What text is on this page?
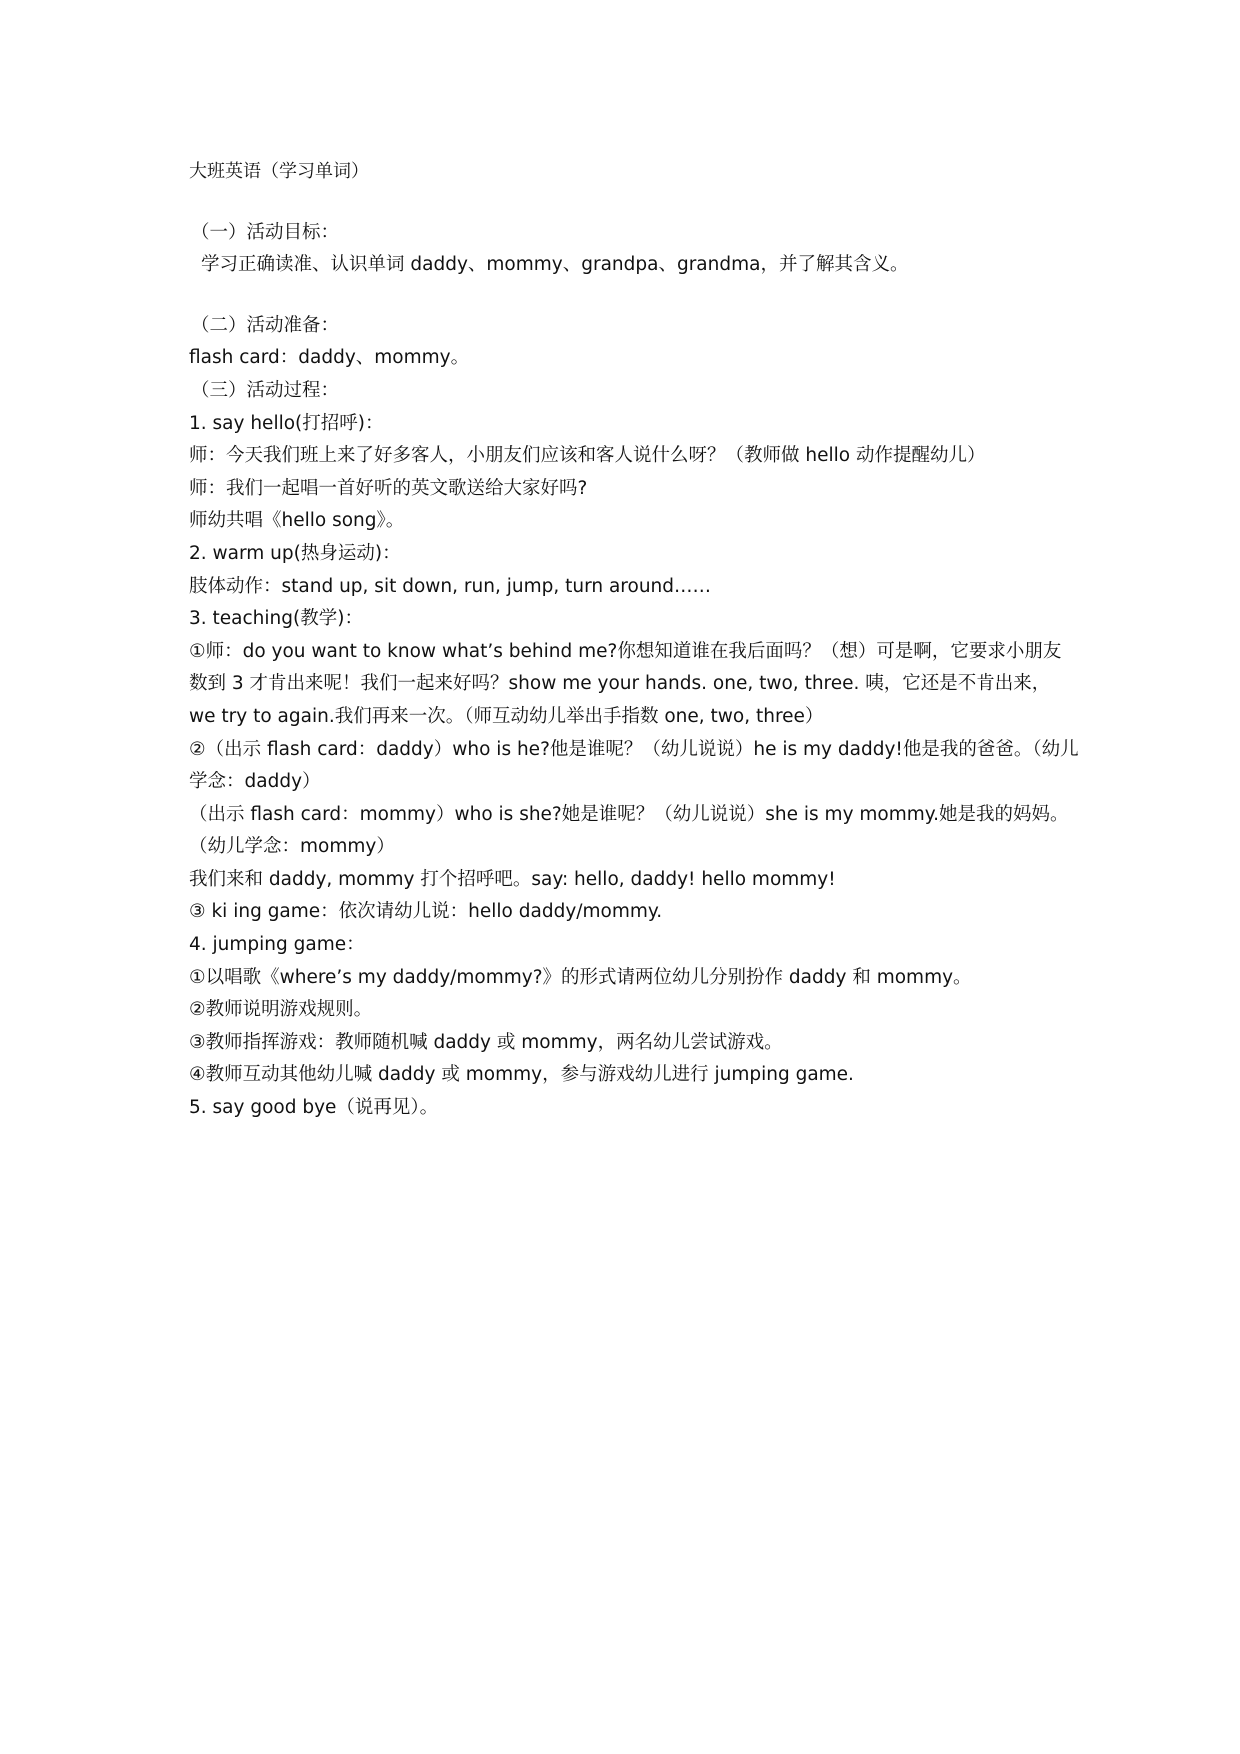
大班英语（学习单词）

（一）活动目标：

学习正确读准、认识单词 daddy、mommy、grandpa、grandma，并了解其含义。

（二）活动准备：

flash card：daddy、mommy。

（三）活动过程：

1. say hello(打招呼)：

师：今天我们班上来了好多客人，小朋友们应该和客人说什么呀？（教师做 hello 动作提醒幼儿）

师：我们一起唱一首好听的英文歌送给大家好吗?

师幼共唱《hello song》。

2. warm up(热身运动)：

肢体动作：stand up, sit down, run, jump, turn around……

3. teaching(教学)：

①师：do you want to know what’s behind me?你想知道谁在我后面吗？（想）可是啊，它要求小朋友

数到 3 才肯出来呢！我们一起来好吗？show me your hands. one, two, three. 咦，它还是不肯出来，

we try to again.我们再来一次。（师互动幼儿举出手指数 one, two, three）

②（出示 flash card：daddy）who is he?他是谁呢？（幼儿说说）he is my daddy!他是我的爸爸。（幼儿

学念：daddy）

（出示 flash card：mommy）who is she?她是谁呢？（幼儿说说）she is my mommy.她是我的妈妈。

（幼儿学念：mommy）

我们来和 daddy, mommy 打个招呼吧。say: hello, daddy! hello mommy!

③ ki ing game：依次请幼儿说：hello daddy/mommy.

4. jumping game：

①以唱歌《where’s my daddy/mommy?》的形式请两位幼儿分别扮作 daddy 和 mommy。

②教师说明游戏规则。

③教师指挥游戏：教师随机喊 daddy 或 mommy，两名幼儿尝试游戏。

④教师互动其他幼儿喊 daddy 或 mommy，参与游戏幼儿进行 jumping game.

5. say good bye（说再见）。
